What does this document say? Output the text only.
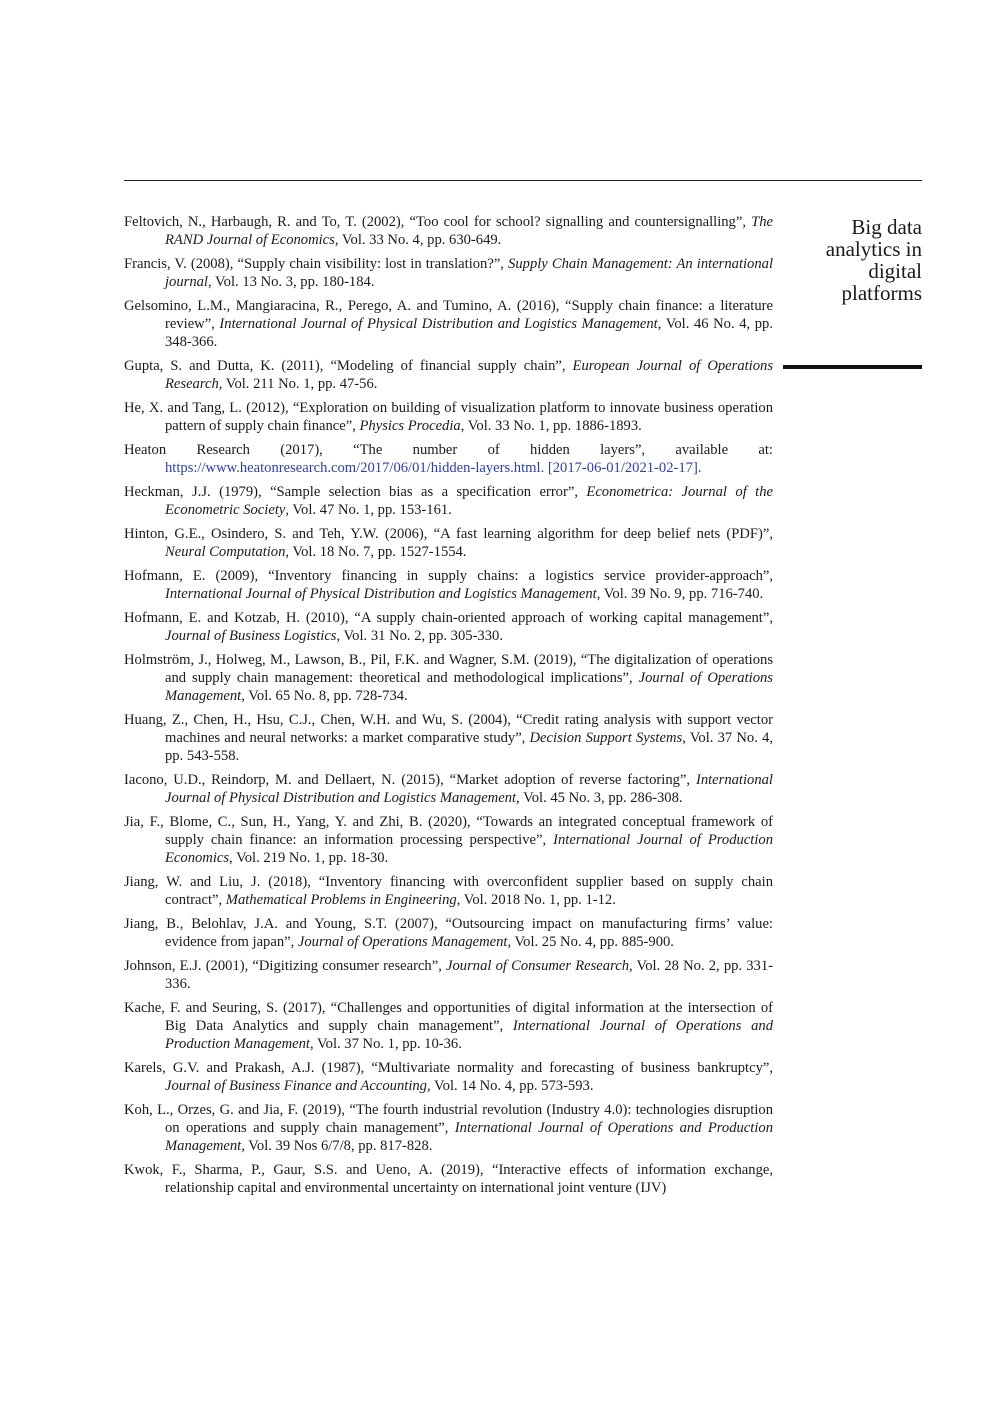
Big data
analytics in
digital
platforms

Feltovich, N., Harbaugh, R. and To, T. (2002), “Too cool for school? signalling and countersignalling”, The RAND Journal of Economics, Vol. 33 No. 4, pp. 630-649.

Francis, V. (2008), “Supply chain visibility: lost in translation?”, Supply Chain Management: An international journal, Vol. 13 No. 3, pp. 180-184.

Gelsomino, L.M., Mangiaracina, R., Perego, A. and Tumino, A. (2016), “Supply chain finance: a literature review”, International Journal of Physical Distribution and Logistics Management, Vol. 46 No. 4, pp. 348-366.

Gupta, S. and Dutta, K. (2011), “Modeling of financial supply chain”, European Journal of Operations Research, Vol. 211 No. 1, pp. 47-56.

He, X. and Tang, L. (2012), “Exploration on building of visualization platform to innovate business operation pattern of supply chain finance”, Physics Procedia, Vol. 33 No. 1, pp. 1886-1893.

Heaton Research (2017), “The number of hidden layers”, available at: https://www.heatonresearch.com/2017/06/01/hidden-layers.html. [2017-06-01/2021-02-17].

Heckman, J.J. (1979), “Sample selection bias as a specification error”, Econometrica: Journal of the Econometric Society, Vol. 47 No. 1, pp. 153-161.

Hinton, G.E., Osindero, S. and Teh, Y.W. (2006), “A fast learning algorithm for deep belief nets (PDF)”, Neural Computation, Vol. 18 No. 7, pp. 1527-1554.

Hofmann, E. (2009), “Inventory financing in supply chains: a logistics service provider-approach”, International Journal of Physical Distribution and Logistics Management, Vol. 39 No. 9, pp. 716-740.

Hofmann, E. and Kotzab, H. (2010), “A supply chain-oriented approach of working capital management”, Journal of Business Logistics, Vol. 31 No. 2, pp. 305-330.

Holmström, J., Holweg, M., Lawson, B., Pil, F.K. and Wagner, S.M. (2019), “The digitalization of operations and supply chain management: theoretical and methodological implications”, Journal of Operations Management, Vol. 65 No. 8, pp. 728-734.

Huang, Z., Chen, H., Hsu, C.J., Chen, W.H. and Wu, S. (2004), “Credit rating analysis with support vector machines and neural networks: a market comparative study”, Decision Support Systems, Vol. 37 No. 4, pp. 543-558.

Iacono, U.D., Reindorp, M. and Dellaert, N. (2015), “Market adoption of reverse factoring”, International Journal of Physical Distribution and Logistics Management, Vol. 45 No. 3, pp. 286-308.

Jia, F., Blome, C., Sun, H., Yang, Y. and Zhi, B. (2020), “Towards an integrated conceptual framework of supply chain finance: an information processing perspective”, International Journal of Production Economics, Vol. 219 No. 1, pp. 18-30.

Jiang, W. and Liu, J. (2018), “Inventory financing with overconfident supplier based on supply chain contract”, Mathematical Problems in Engineering, Vol. 2018 No. 1, pp. 1-12.

Jiang, B., Belohlav, J.A. and Young, S.T. (2007), “Outsourcing impact on manufacturing firms’ value: evidence from japan”, Journal of Operations Management, Vol. 25 No. 4, pp. 885-900.

Johnson, E.J. (2001), “Digitizing consumer research”, Journal of Consumer Research, Vol. 28 No. 2, pp. 331-336.

Kache, F. and Seuring, S. (2017), “Challenges and opportunities of digital information at the intersection of Big Data Analytics and supply chain management”, International Journal of Operations and Production Management, Vol. 37 No. 1, pp. 10-36.

Karels, G.V. and Prakash, A.J. (1987), “Multivariate normality and forecasting of business bankruptcy”, Journal of Business Finance and Accounting, Vol. 14 No. 4, pp. 573-593.

Koh, L., Orzes, G. and Jia, F. (2019), “The fourth industrial revolution (Industry 4.0): technologies disruption on operations and supply chain management”, International Journal of Operations and Production Management, Vol. 39 Nos 6/7/8, pp. 817-828.

Kwok, F., Sharma, P., Gaur, S.S. and Ueno, A. (2019), “Interactive effects of information exchange, relationship capital and environmental uncertainty on international joint venture (IJV)
